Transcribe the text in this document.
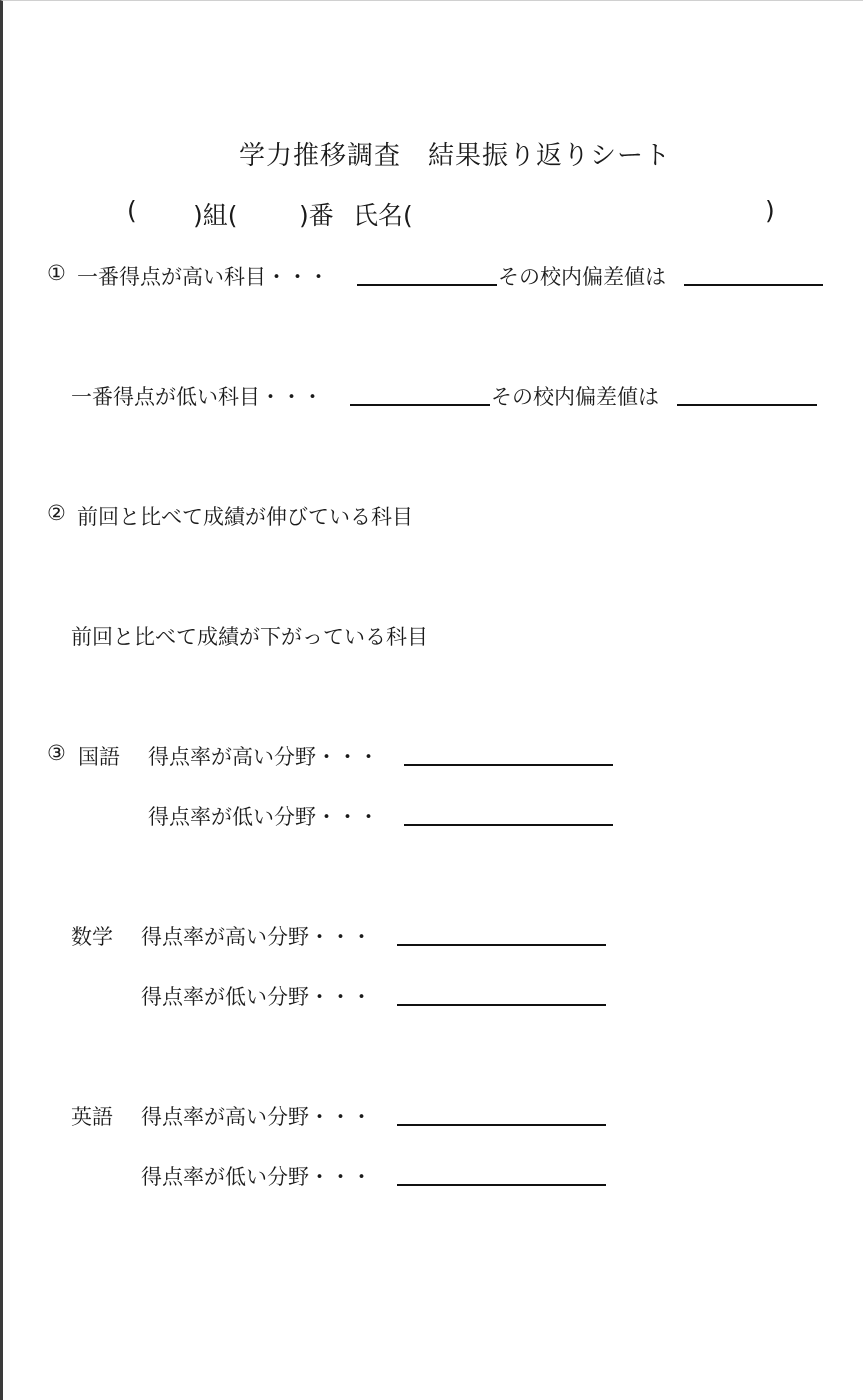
学力推移調査　結果振り返りシート
( )組( )番 氏名(	)
① 一番得点が高い科目・・・	その校内偏差値は
一番得点が低い科目・・・	その校内偏差値は
② 前回と比べて成績が伸びている科目
前回と比べて成績が下がっている科目
③ 国語 得点率が高い分野・・・
得点率が低い分野・・・
数学 得点率が高い分野・・・
得点率が低い分野・・・
英語 得点率が高い分野・・・
得点率が低い分野・・・
